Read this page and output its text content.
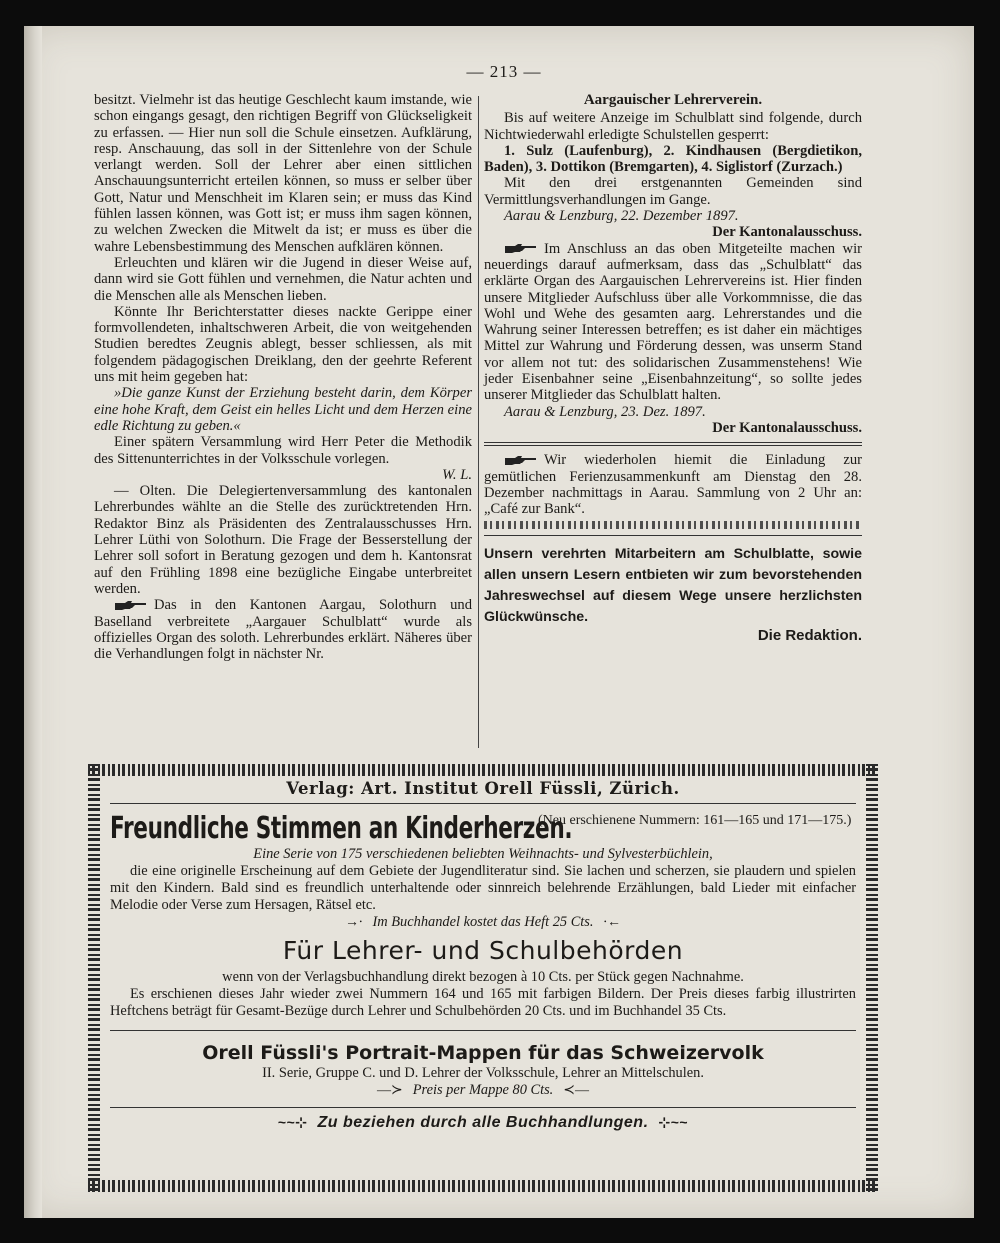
— 213 —

besitzt. Vielmehr ist das heutige Geschlecht kaum imstande, wie schon eingangs gesagt, den richtigen Begriff von Glückseligkeit zu erfassen. — Hier nun soll die Schule einsetzen. Aufklärung, resp. Anschauung, das soll in der Sittenlehre von der Schule verlangt werden. Soll der Lehrer aber einen sittlichen Anschauungsunterricht erteilen können, so muss er selber über Gott, Natur und Menschheit im Klaren sein; er muss das Kind fühlen lassen können, was Gott ist; er muss ihm sagen können, zu welchen Zwecken die Mitwelt da ist; er muss es über die wahre Lebensbestimmung des Menschen aufklären können.

Erleuchten und klären wir die Jugend in dieser Weise auf, dann wird sie Gott fühlen und vernehmen, die Natur achten und die Menschen alle als Menschen lieben.

Könnte Ihr Berichterstatter dieses nackte Gerippe einer formvollendeten, inhaltschweren Arbeit, die von weitgehenden Studien beredtes Zeugnis ablegt, besser schliessen, als mit folgendem pädagogischen Dreiklang, den der geehrte Referent uns mit heim gegeben hat:

»Die ganze Kunst der Erziehung besteht darin, dem Körper eine hohe Kraft, dem Geist ein helles Licht und dem Herzen eine edle Richtung zu geben.«

Einer spätern Versammlung wird Herr Peter die Methodik des Sittenunterrichtes in der Volksschule vorlegen.

W. L.

— Olten. Die Delegiertenversammlung des kantonalen Lehrerbundes wählte an die Stelle des zurücktretenden Hrn. Redaktor Binz als Präsidenten des Zentralausschusses Hrn. Lehrer Lüthi von Solothurn. Die Frage der Besserstellung der Lehrer soll sofort in Beratung gezogen und dem h. Kantonsrat auf den Frühling 1898 eine bezügliche Eingabe unterbreitet werden.

Das in den Kantonen Aargau, Solothurn und Baselland verbreitete „Aargauer Schulblatt“ wurde als offizielles Organ des soloth. Lehrerbundes erklärt. Näheres über die Verhandlungen folgt in nächster Nr.

Aargauischer Lehrerverein.

Bis auf weitere Anzeige im Schulblatt sind folgende, durch Nichtwiederwahl erledigte Schulstellen gesperrt:

1. Sulz (Laufenburg), 2. Kindhausen (Bergdietikon, Baden), 3. Dottikon (Bremgarten), 4. Siglistorf (Zurzach.)

Mit den drei erstgenannten Gemeinden sind Vermittlungsverhandlungen im Gange.

Aarau & Lenzburg, 22. Dezember 1897.

Der Kantonalausschuss.

Im Anschluss an das oben Mitgeteilte machen wir neuerdings darauf aufmerksam, dass das „Schulblatt“ das erklärte Organ des Aargauischen Lehrervereins ist. Hier finden unsere Mitglieder Aufschluss über alle Vorkommnisse, die das Wohl und Wehe des gesamten aarg. Lehrerstandes und die Wahrung seiner Interessen betreffen; es ist daher ein mächtiges Mittel zur Wahrung und Förderung dessen, was unserm Stand vor allem not tut: des solidarischen Zusammenstehens! Wie jeder Eisenbahner seine „Eisenbahnzeitung“, so sollte jedes unserer Mitglieder das Schulblatt halten.

Aarau & Lenzburg, 23. Dez. 1897.

Der Kantonalausschuss.

Wir wiederholen hiemit die Einladung zur gemütlichen Ferienzusammenkunft am Dienstag den 28. Dezember nachmittags in Aarau. Sammlung von 2 Uhr an: „Café zur Bank“.

Unsern verehrten Mitarbeitern am Schulblatte, sowie allen unsern Lesern entbieten wir zum bevorstehenden Jahreswechsel auf diesem Wege unsere herzlichsten Glückwünsche.

Die Redaktion.

Verlag: Art. Institut Orell Füssli, Zürich.

Freundliche Stimmen an Kinderherzen.
(Neu erschienene Nummern: 161—165 und 171—175.)

Eine Serie von 175 verschiedenen beliebten Weihnachts- und Sylvesterbüchlein,

die eine originelle Erscheinung auf dem Gebiete der Jugendliteratur sind. Sie lachen und scherzen, sie plaudern und spielen mit den Kindern. Bald sind es freundlich unterhaltende oder sinnreich belehrende Erzählungen, bald Lieder mit einfacher Melodie oder Verse zum Hersagen, Rätsel etc.

→∙ Im Buchhandel kostet das Heft 25 Cts. ∙←

Für Lehrer- und Schulbehörden

wenn von der Verlagsbuchhandlung direkt bezogen à 10 Cts. per Stück gegen Nachnahme.

Es erschienen dieses Jahr wieder zwei Nummern 164 und 165 mit farbigen Bildern. Der Preis dieses farbig illustrirten Heftchens beträgt für Gesamt-Bezüge durch Lehrer und Schulbehörden 20 Cts. und im Buchhandel 35 Cts.

Orell Füssli's Portrait-Mappen für das Schweizervolk

II. Serie, Gruppe C. und D. Lehrer der Volksschule, Lehrer an Mittelschulen.

—≻ Preis per Mappe 80 Cts. ≺—

~~⊹ Zu beziehen durch alle Buchhandlungen. ⊹~~
